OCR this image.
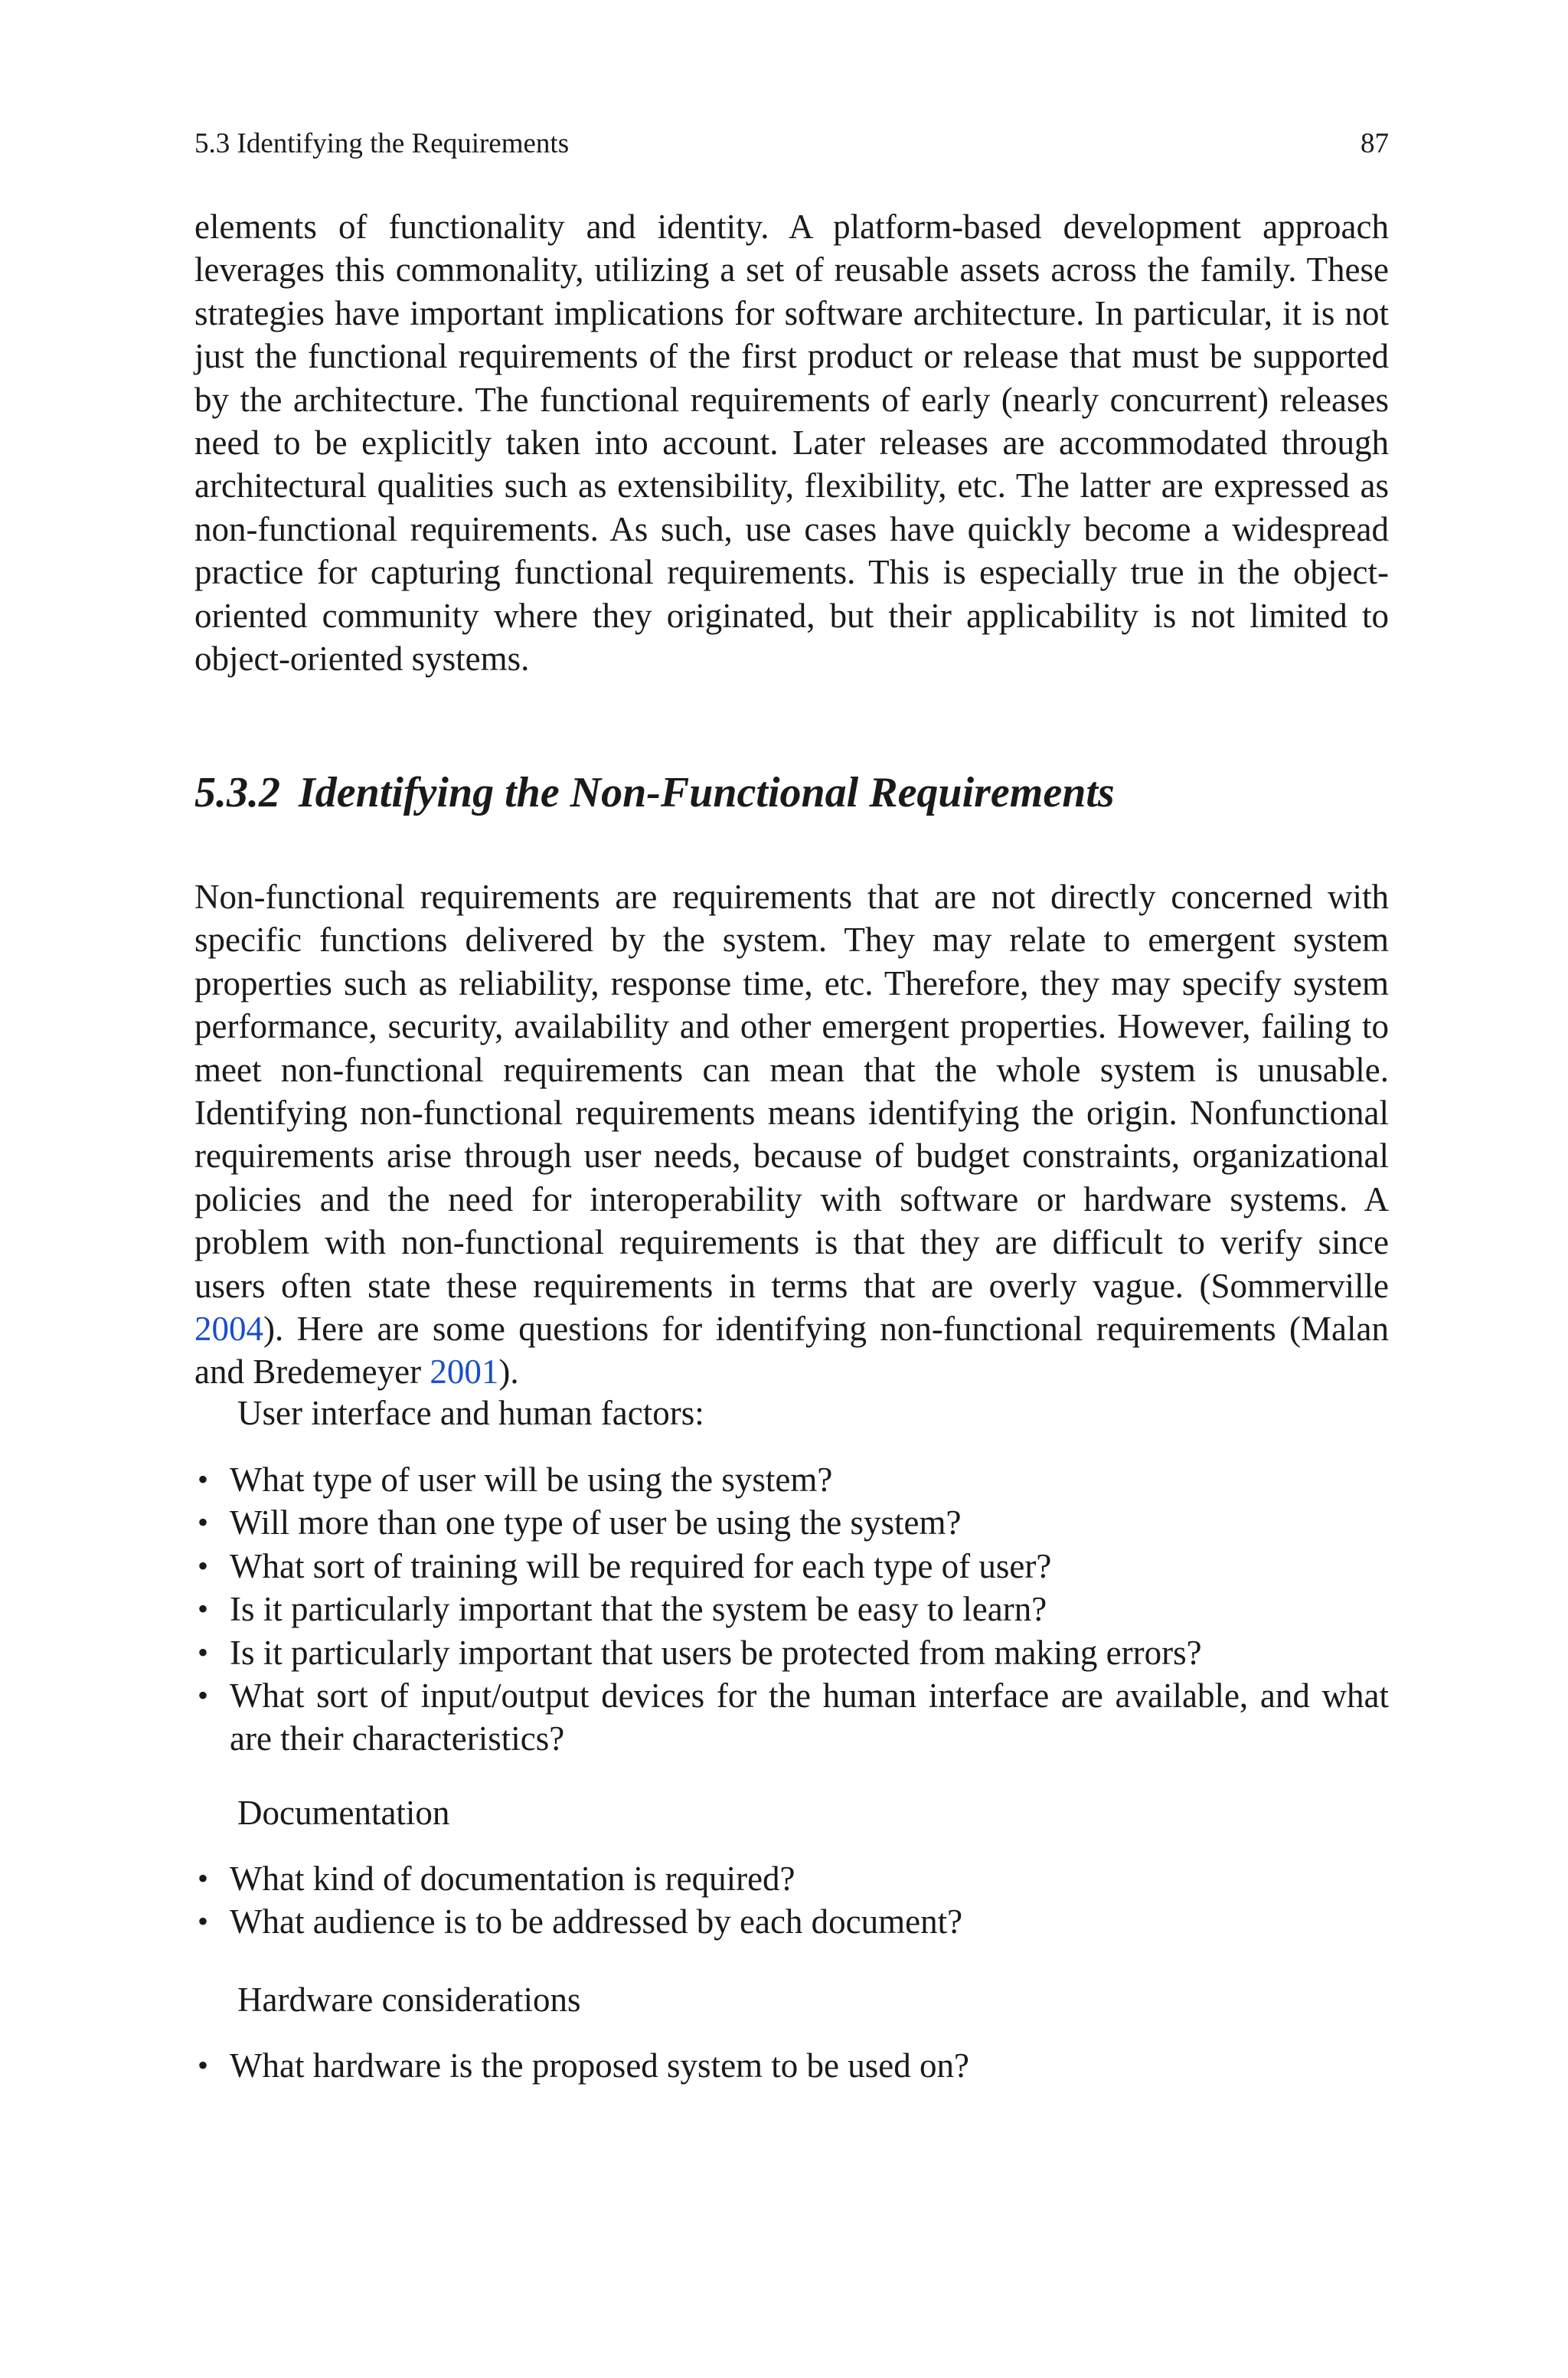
5.3 Identifying the Requirements	87

elements of functionality and identity. A platform-based development approach leverages this commonality, utilizing a set of reusable assets across the family. These strategies have important implications for software architecture. In particular, it is not just the functional requirements of the first product or release that must be supported by the architecture. The functional requirements of early (nearly concurrent) releases need to be explicitly taken into account. Later releases are accommodated through architectural qualities such as extensibility, flexibility, etc. The latter are expressed as non-functional requirements. As such, use cases have quickly become a widespread practice for capturing functional requirements. This is especially true in the object-oriented community where they originated, but their applicability is not limited to object-oriented systems.

5.3.2 Identifying the Non-Functional Requirements

Non-functional requirements are requirements that are not directly concerned with specific functions delivered by the system. They may relate to emergent system properties such as reliability, response time, etc. Therefore, they may specify system performance, security, availability and other emergent properties. However, failing to meet non-functional requirements can mean that the whole system is unusable. Identifying non-functional requirements means identifying the origin. Nonfunctional requirements arise through user needs, because of budget constraints, organizational policies and the need for interoperability with software or hardware systems. A problem with non-functional requirements is that they are difficult to verify since users often state these requirements in terms that are overly vague. (Sommerville 2004). Here are some questions for identifying non-functional requirements (Malan and Bredemeyer 2001).

User interface and human factors:

• What type of user will be using the system?
• Will more than one type of user be using the system?
• What sort of training will be required for each type of user?
• Is it particularly important that the system be easy to learn?
• Is it particularly important that users be protected from making errors?
• What sort of input/output devices for the human interface are available, and what are their characteristics?

Documentation

• What kind of documentation is required?
• What audience is to be addressed by each document?

Hardware considerations

• What hardware is the proposed system to be used on?
